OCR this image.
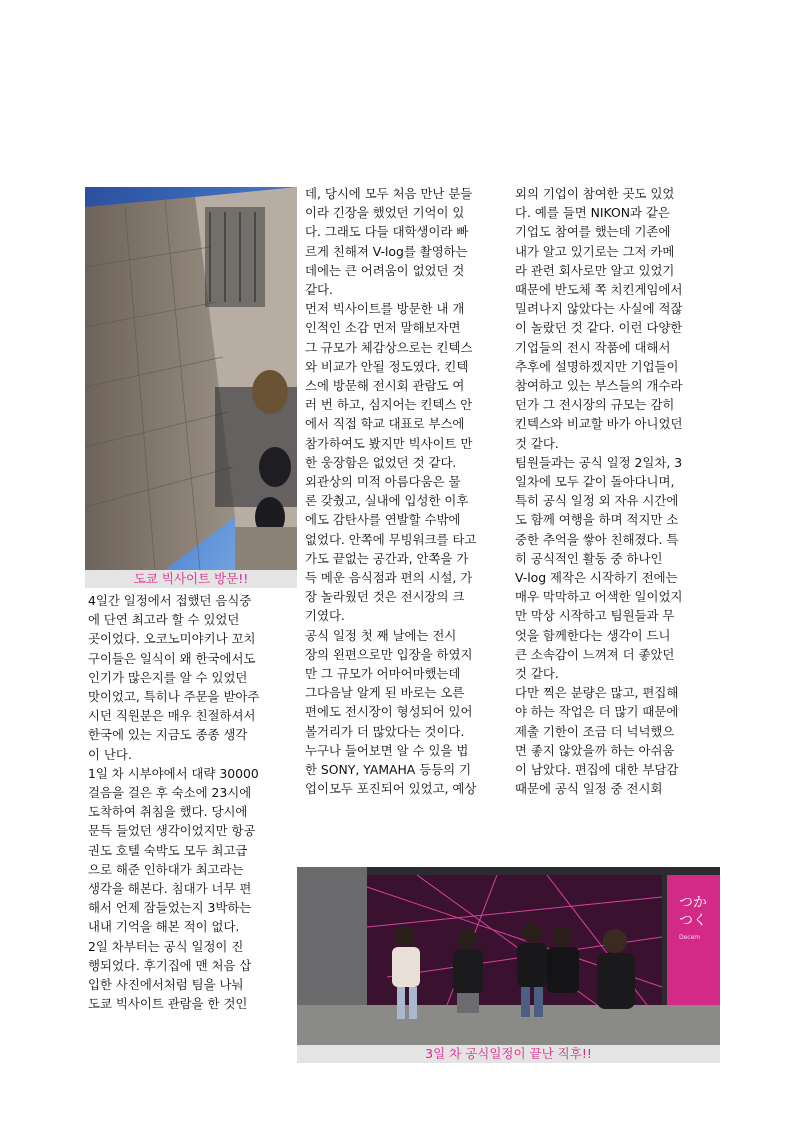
도쿄 빅사이트 방문!!

4일간 일정에서 접했던 음식중

에 단연 최고라 할 수 있었던

곳이었다. 오코노미야키나 꼬치

구이들은 일식이 왜 한국에서도

인기가 많은지를 알 수 있었던

맛이었고, 특히나 주문을 받아주

시던 직원분은 매우 친절하셔서

한국에 있는 지금도 종종 생각

이 난다.

1일 차 시부야에서 대략 30000

걸음을 걸은 후 숙소에 23시에

도착하여 취침을 했다. 당시에

문득 들었던 생각이었지만 항공

권도 호텔 숙박도 모두 최고급

으로 해준 인하대가 최고라는

생각을 해본다. 침대가 너무 편

해서 언제 잠들었는지 3박하는

내내 기억을 해본 적이 없다.

2일 차부터는 공식 일정이 진

행되었다. 후기집에 맨 처음 삽

입한 사진에서처럼 팀을 나눠

도쿄 빅사이트 관람을 한 것인

데, 당시에 모두 처음 만난 분들

이라 긴장을 했었던 기억이 있

다. 그래도 다들 대학생이라 빠

르게 친해져 V-log를 촬영하는

데에는 큰 어려움이 없었던 것

같다.

먼저 빅사이트를 방문한 내 개

인적인 소감 먼저 말해보자면

그 규모가 체감상으로는 킨텍스

와 비교가 안될 정도였다. 킨텍

스에 방문해 전시회 관람도 여

러 번 하고, 심지어는 킨텍스 안

에서 직접 학교 대표로 부스에

참가하여도 봤지만 빅사이트 만

한 웅장함은 없었던 것 같다.

외관상의 미적 아름다움은 물

론 갖췄고, 실내에 입성한 이후

에도 감탄사를 연발할 수밖에

없었다. 안쪽에 무빙워크를 타고

가도 끝없는 공간과, 안쪽을 가

득 메운 음식점과 편의 시설, 가

장 놀라웠던 것은 전시장의 크

기였다.

공식 일정 첫 째 날에는 전시

장의 왼편으로만 입장을 하였지

만 그 규모가 어마어마했는데

그다음날 알게 된 바로는 오른

편에도 전시장이 형성되어 있어

볼거리가 더 많았다는 것이다.

누구나 들어보면 알 수 있을 법

한 SONY, YAMAHA 등등의 기

업이모두 포진되어 있었고, 예상

외의 기업이 참여한 곳도 있었

다. 예를 들면 NIKON과 같은

기업도 참여를 했는데 기존에

내가 알고 있기로는 그저 카메

라 관련 회사로만 알고 있었기

때문에 반도체 쪽 치킨게임에서

밀려나지 않았다는 사실에 적잖

이 놀랐던 것 같다. 이런 다양한

기업들의 전시 작품에 대해서

추후에 설명하겠지만 기업들이

참여하고 있는 부스들의 개수라

던가 그 전시장의 규모는 감히

킨텍스와 비교할 바가 아니었던

것 같다.

팀원들과는 공식 일정 2일차, 3

일차에 모두 같이 돌아다니며,

특히 공식 일정 외 자유 시간에

도 함께 여행을 하며 적지만 소

중한 추억을 쌓아 친해졌다. 특

히 공식적인 활동 중 하나인

V-log 제작은 시작하기 전에는

매우 막막하고 어색한 일이었지

만 막상 시작하고 팀원들과 무

엇을 함께한다는 생각이 드니

큰 소속감이 느껴져 더 좋았던

것 같다.

다만 찍은 분량은 많고, 편집해

야 하는 작업은 더 많기 때문에

제출 기한이 조금 더 넉넉했으

면 좋지 않았을까 하는 아쉬움

이 남았다. 편집에 대한 부담감

때문에 공식 일정 중 전시회

つか
つく
Decem
3일 차 공식일정이 끝난 직후!!
